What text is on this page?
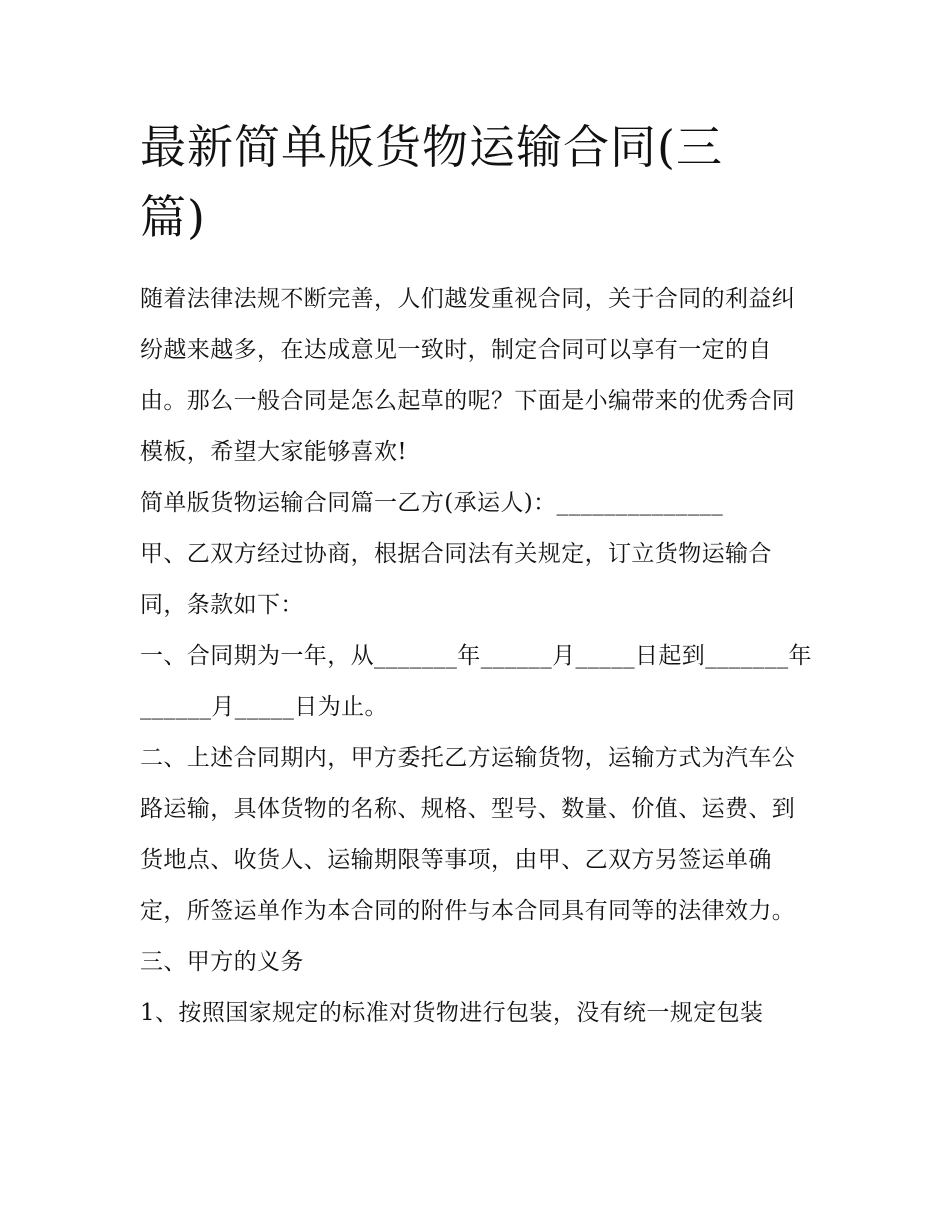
最新简单版货物运输合同(三篇)

随着法律法规不断完善，人们越发重视合同，关于合同的利益纠纷越来越多，在达成意见一致时，制定合同可以享有一定的自由。那么一般合同是怎么起草的呢？下面是小编带来的优秀合同模板，希望大家能够喜欢!

简单版货物运输合同篇一乙方(承运人)：______________

甲、乙双方经过协商，根据合同法有关规定，订立货物运输合同，条款如下：

一、合同期为一年，从_______年______月_____日起到_______年______月_____日为止。

二、上述合同期内，甲方委托乙方运输货物，运输方式为汽车公路运输，具体货物的名称、规格、型号、数量、价值、运费、到货地点、收货人、运输期限等事项，由甲、乙双方另签运单确定，所签运单作为本合同的附件与本合同具有同等的法律效力。

三、甲方的义务

1、按照国家规定的标准对货物进行包装，没有统一规定包装
